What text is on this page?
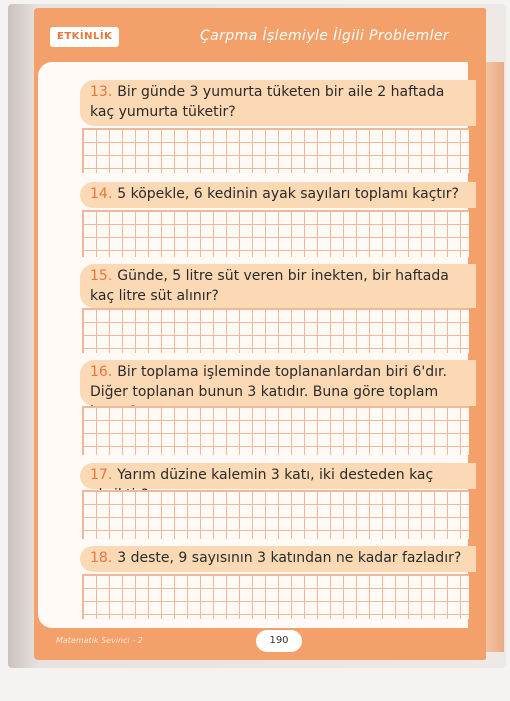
ETKİNLİK	Çarpma İşlemiyle İlgili Problemler
13. Bir günde 3 yumurta tüketen bir aile 2 haftada kaç yumurta tüketir?
14. 5 köpekle, 6 kedinin ayak sayıları toplamı kaçtır?
15. Günde, 5 litre süt veren bir inekten, bir haftada kaç litre süt alınır?
16. Bir toplama işleminde toplananlardan biri 6'dır. Diğer toplanan bunun 3 katıdır. Buna göre toplam
17. Yarım düzine kalemin 3 katı, iki desteden kaç
18. 3 deste, 9 sayısının 3 katından ne kadar fazladır?
Matematik Sevinci - 2	190
